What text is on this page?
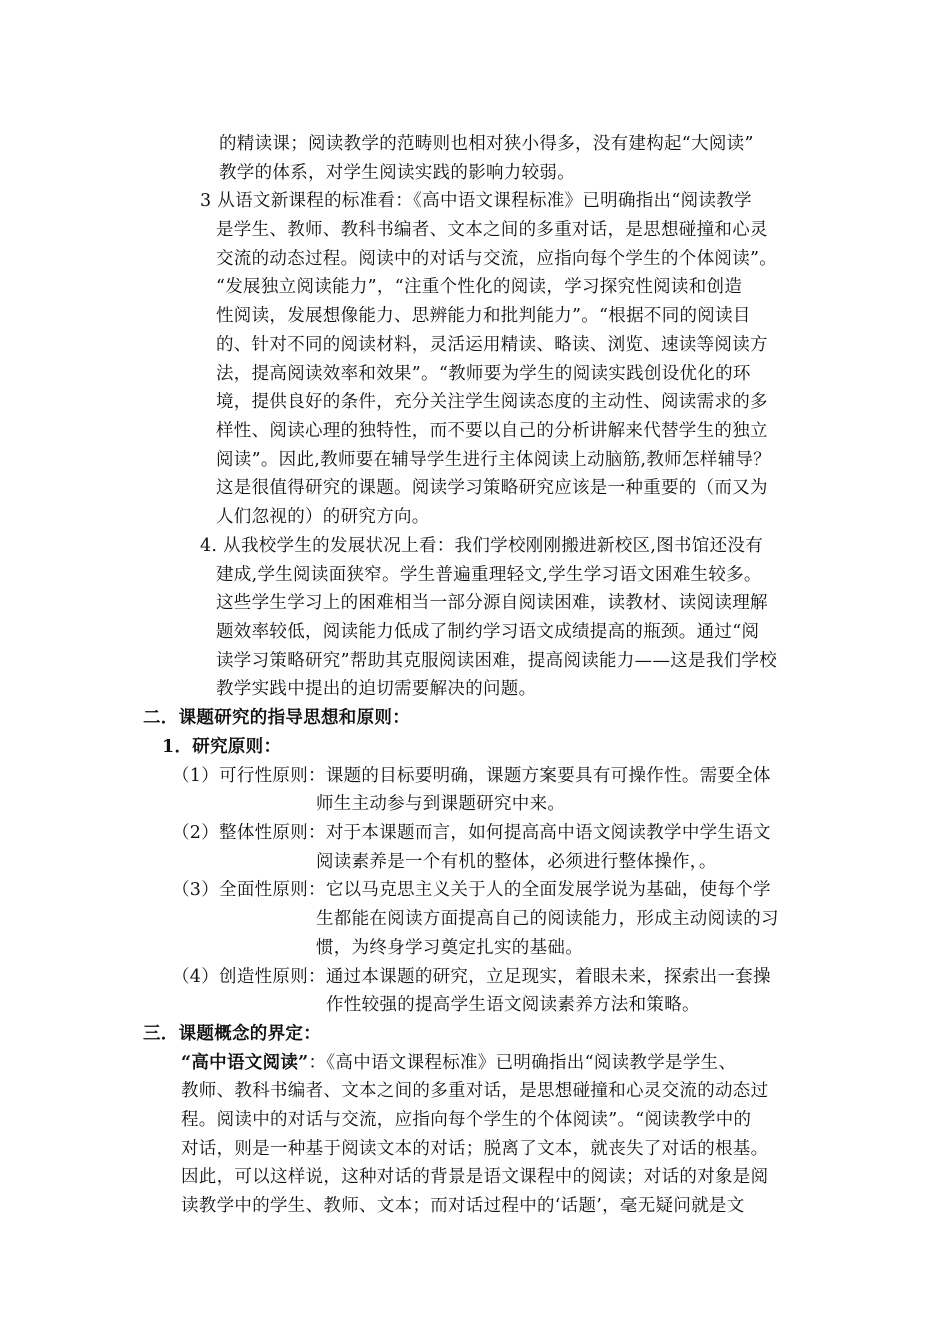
的精读课；阅读教学的范畴则也相对狭小得多，没有建构起“大阅读”
教学的体系，对学生阅读实践的影响力较弱。
3 从语文新课程的标准看：《高中语文课程标准》已明确指出“阅读教学
是学生、教师、教科书编者、文本之间的多重对话，是思想碰撞和心灵
交流的动态过程。阅读中的对话与交流，应指向每个学生的个体阅读”。
“发展独立阅读能力”，“注重个性化的阅读，学习探究性阅读和创造
性阅读，发展想像能力、思辨能力和批判能力”。“根据不同的阅读目
的、针对不同的阅读材料，灵活运用精读、略读、浏览、速读等阅读方
法，提高阅读效率和效果”。“教师要为学生的阅读实践创设优化的环
境，提供良好的条件，充分关注学生阅读态度的主动性、阅读需求的多
样性、阅读心理的独特性，而不要以自己的分析讲解来代替学生的独立
阅读”。因此,教师要在辅导学生进行主体阅读上动脑筋,教师怎样辅导？
这是很值得研究的课题。阅读学习策略研究应该是一种重要的（而又为
人们忽视的）的研究方向。
4. 从我校学生的发展状况上看：我们学校刚刚搬进新校区,图书馆还没有
建成,学生阅读面狭窄。学生普遍重理轻文,学生学习语文困难生较多。
这些学生学习上的困难相当一部分源自阅读困难，读教材、读阅读理解
题效率较低，阅读能力低成了制约学习语文成绩提高的瓶颈。通过“阅
读学习策略研究”帮助其克服阅读困难，提高阅读能力——这是我们学校
教学实践中提出的迫切需要解决的问题。
二．课题研究的指导思想和原则：
1．研究原则：
（1）可行性原则：课题的目标要明确，课题方案要具有可操作性。需要全体
师生主动参与到课题研究中来。
（2）整体性原则：对于本课题而言，如何提高高中语文阅读教学中学生语文
阅读素养是一个有机的整体，必须进行整体操作，。
（3）全面性原则：它以马克思主义关于人的全面发展学说为基础，使每个学
生都能在阅读方面提高自己的阅读能力，形成主动阅读的习
惯，为终身学习奠定扎实的基础。
（4）创造性原则：通过本课题的研究，立足现实，着眼未来，探索出一套操
作性较强的提高学生语文阅读素养方法和策略。
三．课题概念的界定：
“高中语文阅读”：《高中语文课程标准》已明确指出“阅读教学是学生、
教师、教科书编者、文本之间的多重对话，是思想碰撞和心灵交流的动态过
程。阅读中的对话与交流，应指向每个学生的个体阅读”。“阅读教学中的
对话，则是一种基于阅读文本的对话；脱离了文本，就丧失了对话的根基。
因此，可以这样说，这种对话的背景是语文课程中的阅读；对话的对象是阅
读教学中的学生、教师、文本；而对话过程中的‘话题’，毫无疑问就是文
